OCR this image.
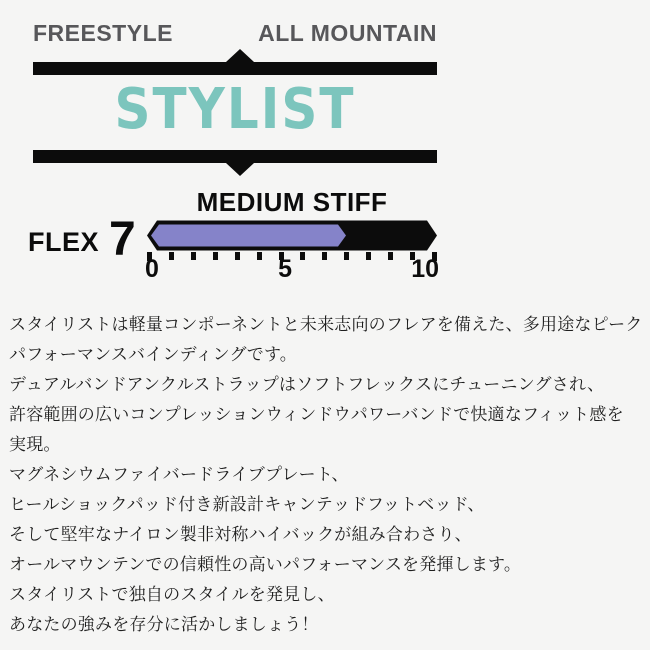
FREESTYLE	ALL MOUNTAIN
STYLIST
MEDIUM STIFF
FLEX 7
0	5	10
スタイリストは軽量コンポーネントと未来志向のフレアを備えた、多用途なピーク
パフォーマンスバインディングです。
デュアルバンドアンクルストラップはソフトフレックスにチューニングされ、
許容範囲の広いコンプレッションウィンドウパワーバンドで快適なフィット感を
実現。
マグネシウムファイバードライブプレート、
ヒールショックパッド付き新設計キャンテッドフットベッド、
そして堅牢なナイロン製非対称ハイバックが組み合わさり、
オールマウンテンでの信頼性の高いパフォーマンスを発揮します。
スタイリストで独自のスタイルを発見し、
あなたの強みを存分に活かしましょう！
